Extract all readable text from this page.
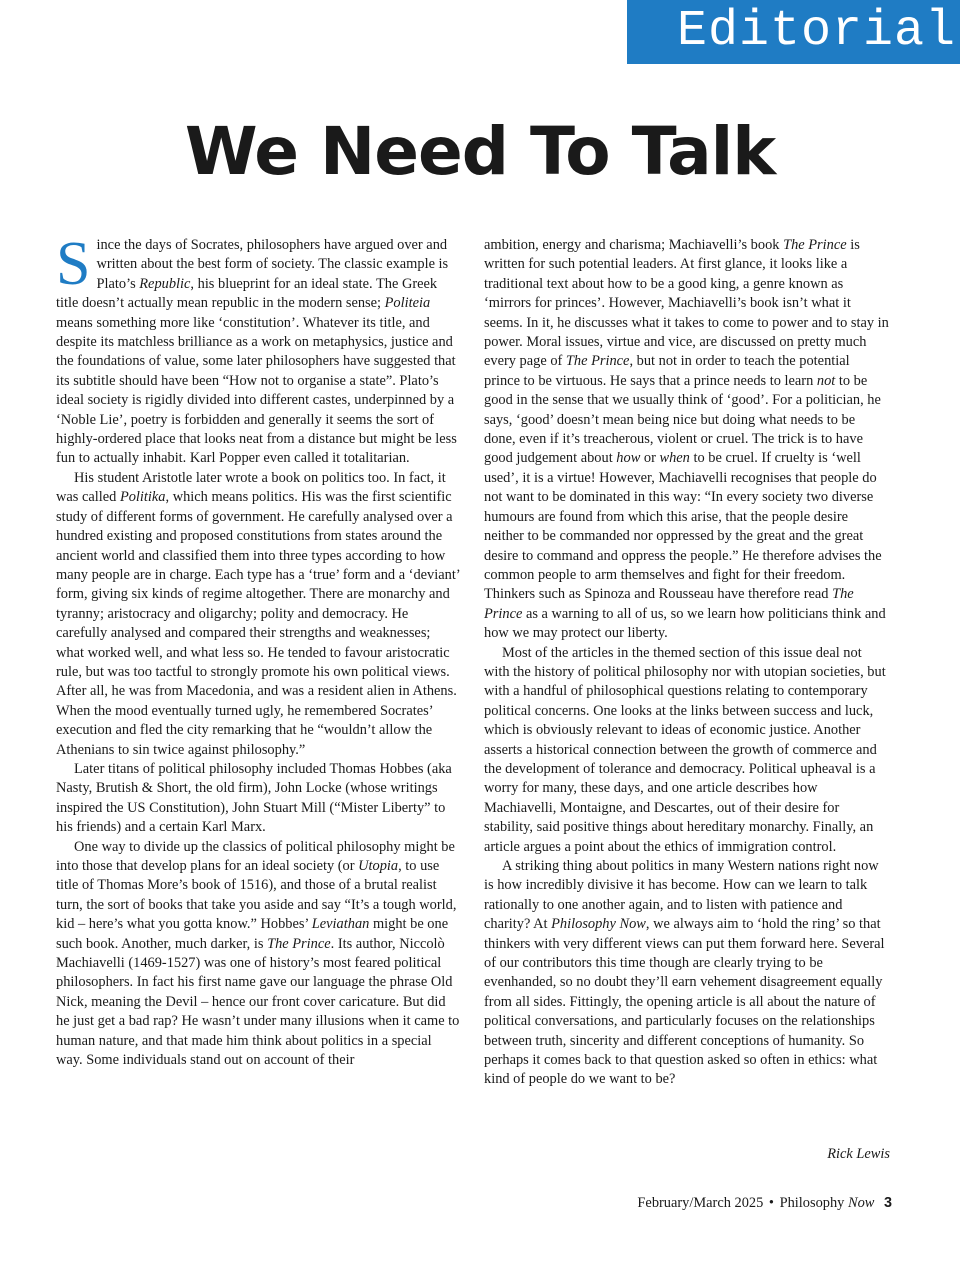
Editorial
We Need To Talk

Since the days of Socrates, philosophers have argued over and written about the best form of society. The classic example is Plato’s Republic, his blueprint for an ideal state. The Greek title doesn’t actually mean republic in the modern sense; Politeia means something more like ‘constitution’. Whatever its title, and despite its matchless brilliance as a work on metaphysics, justice and the foundations of value, some later philosophers have suggested that its subtitle should have been “How not to organise a state”. Plato’s ideal society is rigidly divided into different castes, underpinned by a ‘Noble Lie’, poetry is forbidden and generally it seems the sort of highly-ordered place that looks neat from a distance but might be less fun to actually inhabit. Karl Popper even called it totalitarian.

His student Aristotle later wrote a book on politics too. In fact, it was called Politika, which means politics. His was the first scientific study of different forms of government. He carefully analysed over a hundred existing and proposed constitutions from states around the ancient world and classified them into three types according to how many people are in charge. Each type has a ‘true’ form and a ‘deviant’ form, giving six kinds of regime altogether. There are monarchy and tyranny; aristocracy and oligarchy; polity and democracy. He carefully analysed and compared their strengths and weaknesses; what worked well, and what less so. He tended to favour aristocratic rule, but was too tactful to strongly promote his own political views. After all, he was from Macedonia, and was a resident alien in Athens. When the mood eventually turned ugly, he remembered Socrates’ execution and fled the city remarking that he “wouldn’t allow the Athenians to sin twice against philosophy.”

Later titans of political philosophy included Thomas Hobbes (aka Nasty, Brutish & Short, the old firm), John Locke (whose writings inspired the US Constitution), John Stuart Mill (“Mister Liberty” to his friends) and a certain Karl Marx.

One way to divide up the classics of political philosophy might be into those that develop plans for an ideal society (or Utopia, to use title of Thomas More’s book of 1516), and those of a brutal realist turn, the sort of books that take you aside and say “It’s a tough world, kid – here’s what you gotta know.” Hobbes’ Leviathan might be one such book. Another, much darker, is The Prince. Its author, Niccolò Machiavelli (1469-1527) was one of history’s most feared political philosophers. In fact his first name gave our language the phrase Old Nick, meaning the Devil – hence our front cover caricature. But did he just get a bad rap? He wasn’t under many illusions when it came to human nature, and that made him think about politics in a special way. Some individuals stand out on account of their

ambition, energy and charisma; Machiavelli’s book The Prince is written for such potential leaders. At first glance, it looks like a traditional text about how to be a good king, a genre known as ‘mirrors for princes’. However, Machiavelli’s book isn’t what it seems. In it, he discusses what it takes to come to power and to stay in power. Moral issues, virtue and vice, are discussed on pretty much every page of The Prince, but not in order to teach the potential prince to be virtuous. He says that a prince needs to learn not to be good in the sense that we usually think of ‘good’. For a politician, he says, ‘good’ doesn’t mean being nice but doing what needs to be done, even if it’s treacherous, violent or cruel. The trick is to have good judgement about how or when to be cruel. If cruelty is ‘well used’, it is a virtue! However, Machiavelli recognises that people do not want to be dominated in this way: “In every society two diverse humours are found from which this arise, that the people desire neither to be commanded nor oppressed by the great and the great desire to command and oppress the people.” He therefore advises the common people to arm themselves and fight for their freedom. Thinkers such as Spinoza and Rousseau have therefore read The Prince as a warning to all of us, so we learn how politicians think and how we may protect our liberty.

Most of the articles in the themed section of this issue deal not with the history of political philosophy nor with utopian societies, but with a handful of philosophical questions relating to contemporary political concerns. One looks at the links between success and luck, which is obviously relevant to ideas of economic justice. Another asserts a historical connection between the growth of commerce and the development of tolerance and democracy. Political upheaval is a worry for many, these days, and one article describes how Machiavelli, Montaigne, and Descartes, out of their desire for stability, said positive things about hereditary monarchy. Finally, an article argues a point about the ethics of immigration control.

A striking thing about politics in many Western nations right now is how incredibly divisive it has become. How can we learn to talk rationally to one another again, and to listen with patience and charity? At Philosophy Now, we always aim to ‘hold the ring’ so that thinkers with very different views can put them forward here. Several of our contributors this time though are clearly trying to be evenhanded, so no doubt they’ll earn vehement disagreement equally from all sides. Fittingly, the opening article is all about the nature of political conversations, and particularly focuses on the relationships between truth, sincerity and different conceptions of humanity. So perhaps it comes back to that question asked so often in ethics: what kind of people do we want to be?

Rick Lewis
February/March 2025 • Philosophy Now 3
